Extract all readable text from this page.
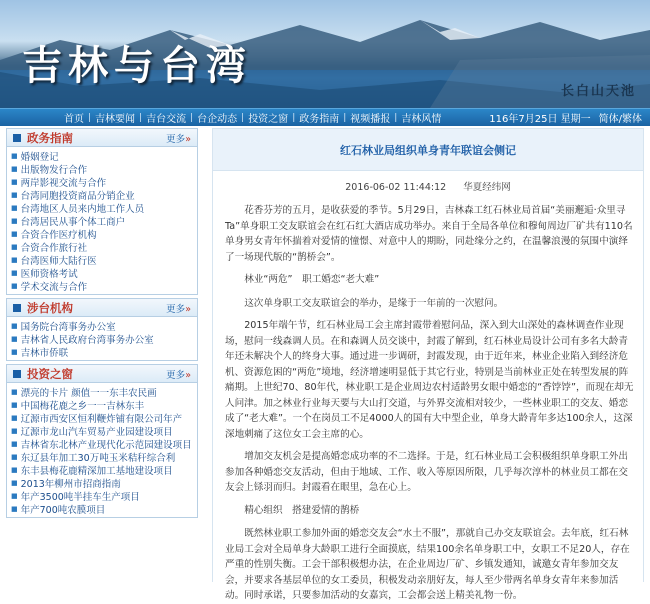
吉林与台湾
长白山天池
首页 | 吉林要闻 | 吉台交流 | 台企动态 | 投资之窗 | 政务指南 | 视频播报 | 吉林风情	116年7月25日 星期一 简体/繁体
政务指南	更多»
■ 婚姻登记
■ 出版物发行合作
■ 两岸影视交流与合作
■ 台湾同胞投资商品分销企业
■ 台湾地区人员来内地工作人员
■ 台湾居民从事个体工商户
■ 合资合作医疗机构
■ 合资合作旅行社
■ 台湾医师大陆行医
■ 医师资格考试
■ 学术交流与合作
涉台机构	更多»
■ 国务院台湾事务办公室
■ 吉林省人民政府台湾事务办公室
■ 吉林市侨联
投资之窗	更多»
■ 漂亮的卡片 颜值一一东丰农民画
■ 中国梅花鹿之乡一一吉林东丰
■ 辽源市西安区恒利鞭炸铺有限公司年产
■ 辽源市龙山汽车贸易产业园建设项目
■ 吉林省东北林产业现代化示范园建设项目
■ 东辽县年加工30万吨玉米秸秆综合利
■ 东丰县梅花鹿精深加工基地建设项目
■ 2013年柳州市招商指南
■ 年产3500吨半挂车生产项目
■ 年产700吨农膜项目
红石林业局组织单身青年联谊会侧记
2016-06-02 11:44:12 华夏经纬网

花香芬芳的五月，是收获爱的季节。5月29日，吉林森工红石林业局首届“美丽邂逅·众里寻Ta”单身职工交友联谊会在红石红大酒店成功举办。来自于全局各单位和穆甸周边厂矿共有110名单身男女青年怀揣着对爱情的憧憬、对意中人的期盼，同赴缘分之约，在温馨浪漫的氛围中演绎了一场现代版的“鹊桥会”。

林业“两危”　职工婚恋“老大难”

这次单身职工交友联谊会的举办，是缘于一年前的一次慰问。

2015年端午节，红石林业局工会主席封霞带着慰问品，深入到大山深处的森林调查作业现场，慰问一线森调人员。在和森调人员交谈中，封霞了解到，红石林业局设计公司有多名大龄青年还未解决个人的终身大事。通过进一步调研，封霞发现，由于近年来，林业企业陷入到经济危机、资源危困的“两危”境地，经济增速明显低于其它行业，特别是当前林业正处在转型发展的阵痛期。上世纪70、80年代，林业职工是企业周边农村适龄男女眼中婚恋的“香饽饽”，而现在却无人问津。加之林业行业每天要与大山打交道，与外界交流相对较少，一些林业职工的交友、婚恋成了“老大难”。一个在岗员工不足4000人的国有大中型企业，单身大龄青年多达100余人，这深深地刺痛了这位女工会主席的心。

增加交友机会是提高婚恋成功率的不二选择。于是，红石林业局工会积极组织单身职工外出参加各种婚恋交友活动，但由于地域、工作、收入等原因所限，几乎每次淳朴的林业员工都在交友会上铩羽而归。封霞看在眼里，急在心上。

精心组织　搭建爱情的鹊桥

既然林业职工参加外面的婚恋交友会“水土不服”，那就自己办交友联谊会。去年底，红石林业局工会对全局单身大龄职工进行全面摸底，结果100余名单身职工中，女职工不足20人，存在严重的性别失衡。工会干部积极想办法，在企业周边厂矿、乡镇发通知，诚邀女青年参加交友会，并要求各基层单位的女工委员，积极发动亲朋好友，每人至少带两名单身女青年来参加活动。同时承诺，只要参加活动的女嘉宾，工会都会送上精美礼物一份。
